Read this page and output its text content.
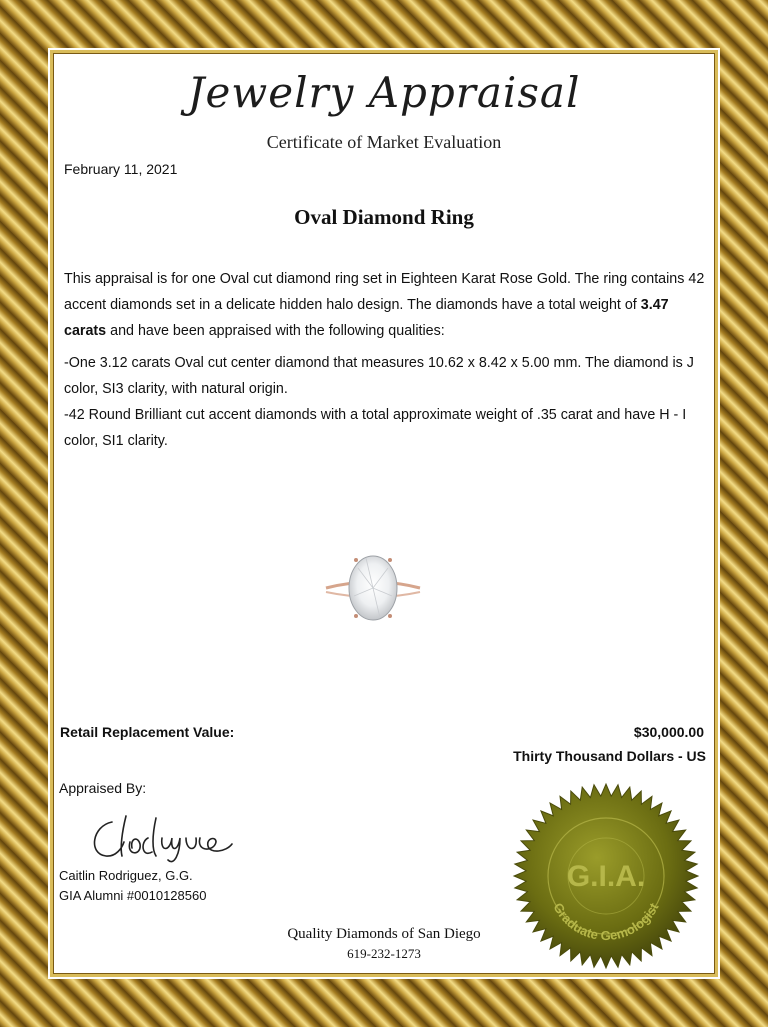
Jewelry Appraisal
Certificate of Market Evaluation
February 11, 2021
Oval Diamond Ring

This appraisal is for one Oval cut diamond ring set in Eighteen Karat Rose Gold. The ring contains 42 accent diamonds set in a delicate hidden halo design. The diamonds have a total weight of 3.47 carats and have been appraised with the following qualities:

-One 3.12 carats Oval cut center diamond that measures 10.62 x 8.42 x 5.00 mm. The diamond is J color, SI3 clarity, with natural origin.
-42 Round Brilliant cut accent diamonds with a total approximate weight of .35 carat and have H - I color, SI1 clarity.
Retail Replacement Value:	$30,000.00
Thirty Thousand Dollars - US
Appraised By:
Caitlin Rodriguez, G.G.
GIA Alumni #0010128560
Quality Diamonds of San Diego
619-232-1273
G.I.A.
Graduate Gemologist
